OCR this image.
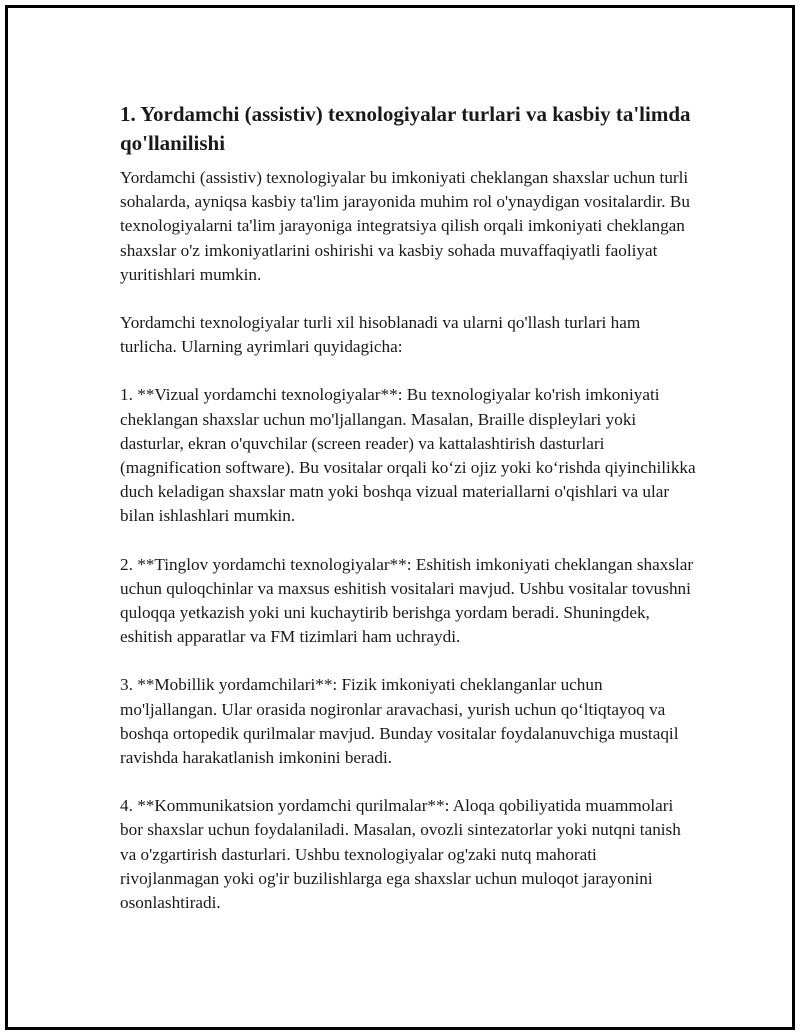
1. Yordamchi (assistiv) texnologiyalar turlari va kasbiy ta'limda qo'llanilishi

Yordamchi (assistiv) texnologiyalar bu imkoniyati cheklangan shaxslar uchun turli sohalarda, ayniqsa kasbiy ta'lim jarayonida muhim rol o'ynaydigan vositalardir. Bu texnologiyalarni ta'lim jarayoniga integratsiya qilish orqali imkoniyati cheklangan shaxslar o'z imkoniyatlarini oshirishi va kasbiy sohada muvaffaqiyatli faoliyat yuritishlari mumkin.

Yordamchi texnologiyalar turli xil hisoblanadi va ularni qo'llash turlari ham turlicha. Ularning ayrimlari quyidagicha:

1. **Vizual yordamchi texnologiyalar**: Bu texnologiyalar ko'rish imkoniyati cheklangan shaxslar uchun mo'ljallangan. Masalan, Braille displeylari yoki dasturlar, ekran o'quvchilar (screen reader) va kattalashtirish dasturlari (magnification software). Bu vositalar orqali ko‘zi ojiz yoki ko‘rishda qiyinchilikka duch keladigan shaxslar matn yoki boshqa vizual materiallarni o'qishlari va ular bilan ishlashlari mumkin.

2. **Tinglov yordamchi texnologiyalar**: Eshitish imkoniyati cheklangan shaxslar uchun quloqchinlar va maxsus eshitish vositalari mavjud. Ushbu vositalar tovushni quloqqa yetkazish yoki uni kuchaytirib berishga yordam beradi. Shuningdek, eshitish apparatlar va FM tizimlari ham uchraydi.

3. **Mobillik yordamchilari**: Fizik imkoniyati cheklanganlar uchun mo'ljallangan. Ular orasida nogironlar aravachasi, yurish uchun qo‘ltiqtayoq va boshqa ortopedik qurilmalar mavjud. Bunday vositalar foydalanuvchiga mustaqil ravishda harakatlanish imkonini beradi.

4. **Kommunikatsion yordamchi qurilmalar**: Aloqa qobiliyatida muammolari bor shaxslar uchun foydalaniladi. Masalan, ovozli sintezatorlar yoki nutqni tanish va o'zgartirish dasturlari. Ushbu texnologiyalar og'zaki nutq mahorati rivojlanmagan yoki og'ir buzilishlarga ega shaxslar uchun muloqot jarayonini osonlashtiradi.
